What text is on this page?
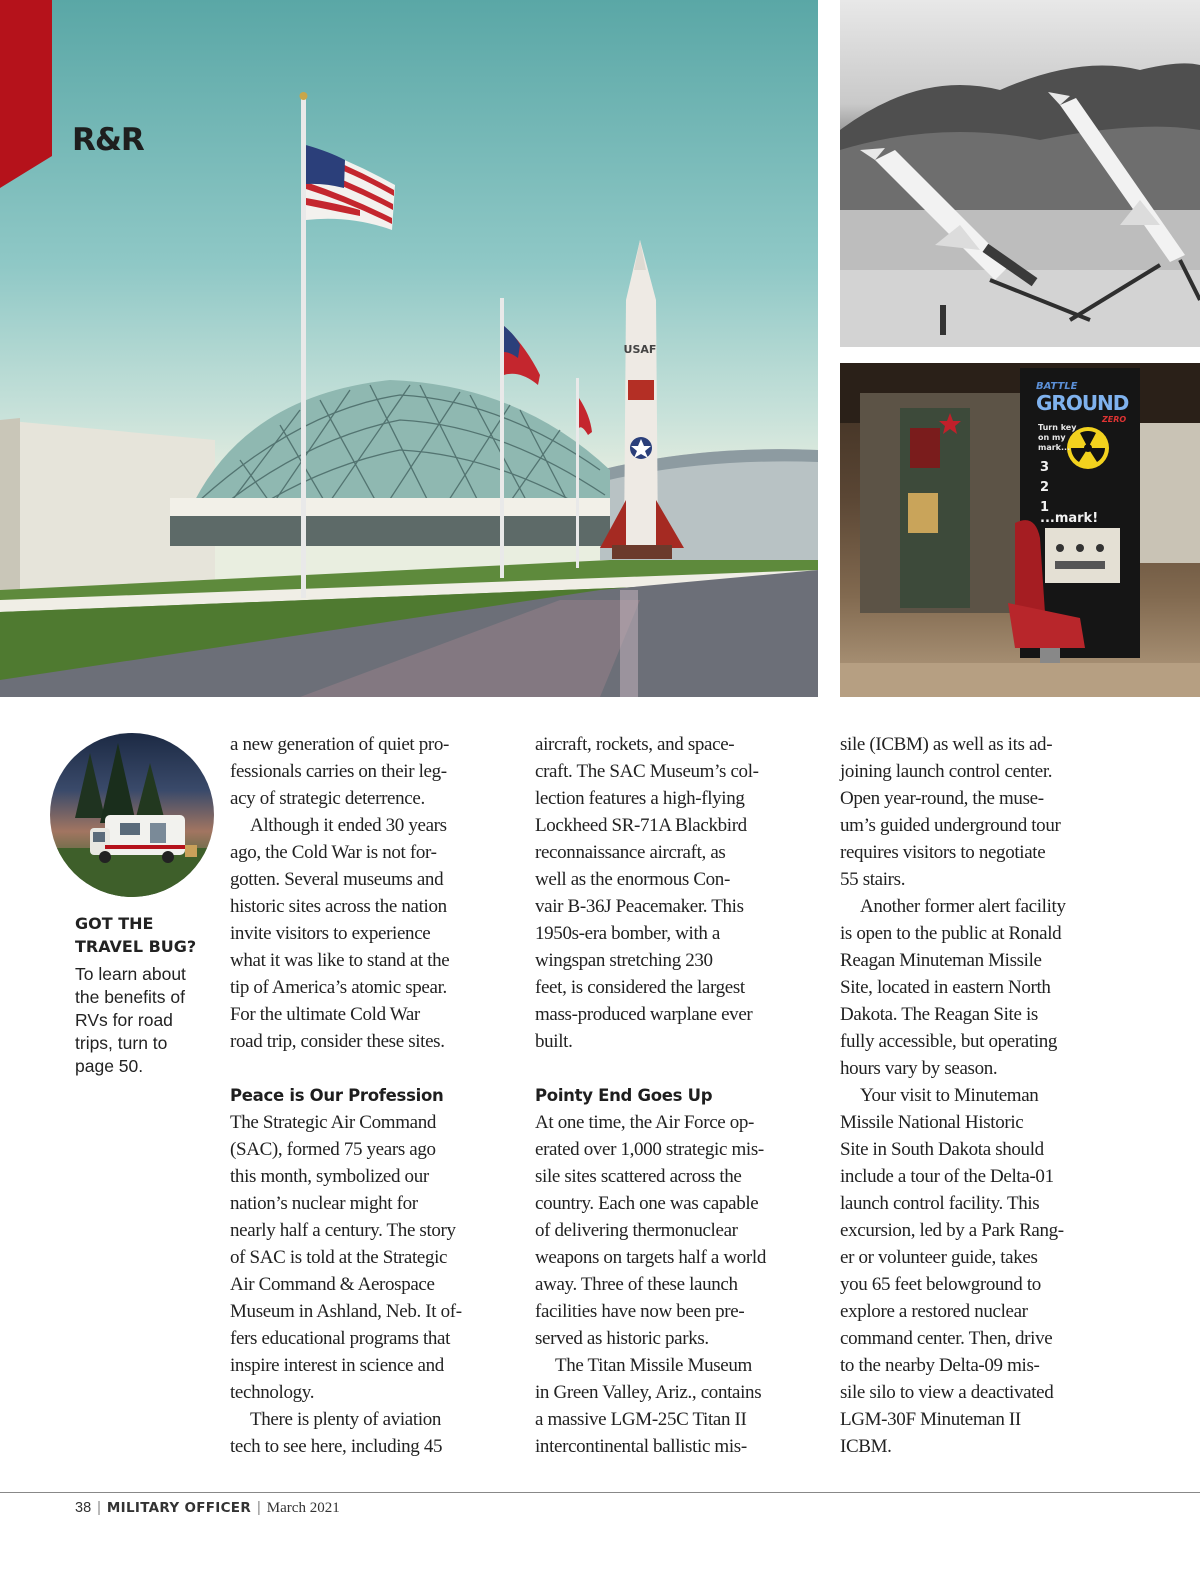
USAF
R&R
BATTLE
GROUND
ZERO
Turn key
on my
mark...
3
2
1
...mark!
GOT THE
TRAVEL BUG?
To learn about
the benefits of
RVs for road
trips, turn to
page 50.
a new generation of quiet pro-
fessionals carries on their leg-
acy of strategic deterrence.
Although it ended 30 years
ago, the Cold War is not for-
gotten. Several museums and
historic sites across the nation
invite visitors to experience
what it was like to stand at the
tip of America’s atomic spear.
For the ultimate Cold War
road trip, consider these sites.
Peace is Our Profession
The Strategic Air Command
(SAC), formed 75 years ago
this month, symbolized our
nation’s nuclear might for
nearly half a century. The story
of SAC is told at the Strategic
Air Command & Aerospace
Museum in Ashland, Neb. It of-
fers educational programs that
inspire interest in science and
technology.
There is plenty of aviation
tech to see here, including 45
aircraft, rockets, and space-
craft. The SAC Museum’s col-
lection features a high-flying
Lockheed SR-71A Blackbird
reconnaissance aircraft, as
well as the enormous Con-
vair B-36J Peacemaker. This
1950s-era bomber, with a
wingspan stretching 230
feet, is considered the largest
mass-produced warplane ever
built.
Pointy End Goes Up
At one time, the Air Force op-
erated over 1,000 strategic mis-
sile sites scattered across the
country. Each one was capable
of delivering thermonuclear
weapons on targets half a world
away. Three of these launch
facilities have now been pre-
served as historic parks.
The Titan Missile Museum
in Green Valley, Ariz., contains
a massive LGM-25C Titan II
intercontinental ballistic mis-
sile (ICBM) as well as its ad-
joining launch control center.
Open year-round, the muse-
um’s guided underground tour
requires visitors to negotiate
55 stairs.
Another former alert facility
is open to the public at Ronald
Reagan Minuteman Missile
Site, located in eastern North
Dakota. The Reagan Site is
fully accessible, but operating
hours vary by season.
Your visit to Minuteman
Missile National Historic
Site in South Dakota should
include a tour of the Delta-01
launch control facility. This
excursion, led by a Park Rang-
er or volunteer guide, takes
you 65 feet belowground to
explore a restored nuclear
command center. Then, drive
to the nearby Delta-09 mis-
sile silo to view a deactivated
LGM-30F Minuteman II
ICBM.
38 | MILITARY OFFICER | March 2021
